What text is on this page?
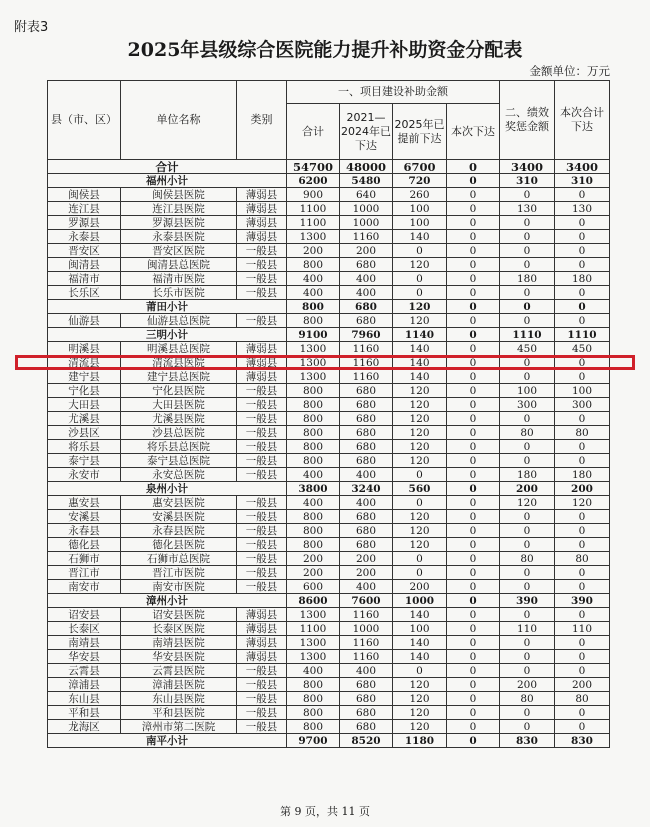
附表3
2025年县级综合医院能力提升补助资金分配表
金额单位：万元
县（市、区）	单位名称	类别	一、项目建设补助金额				二、绩效奖惩金额	本次合计下达
			合计	2021—2024年已下达	2025年已提前下达	本次下达		
合计			54700	48000	6700	0	3400	3400
福州小计			6200	5480	720	0	310	310
闽侯县	闽侯县医院	薄弱县	900	640	260	0	0	0
连江县	连江县医院	薄弱县	1100	1000	100	0	130	130
罗源县	罗源县医院	薄弱县	1100	1000	100	0	0	0
永泰县	永泰县医院	薄弱县	1300	1160	140	0	0	0
晋安区	晋安区医院	一般县	200	200	0	0	0	0
闽清县	闽清县总医院	一般县	800	680	120	0	0	0
福清市	福清市医院	一般县	400	400	0	0	180	180
长乐区	长乐市医院	一般县	400	400	0	0	0	0
莆田小计			800	680	120	0	0	0
仙游县	仙游县总医院	一般县	800	680	120	0	0	0
三明小计			9100	7960	1140	0	1110	1110
明溪县	明溪县总医院	薄弱县	1300	1160	140	0	450	450
清流县	清流县医院	薄弱县	1300	1160	140	0	0	0
建宁县	建宁县总医院	薄弱县	1300	1160	140	0	0	0
宁化县	宁化县医院	一般县	800	680	120	0	100	100
大田县	大田县医院	一般县	800	680	120	0	300	300
尤溪县	尤溪县医院	一般县	800	680	120	0	0	0
沙县区	沙县总医院	一般县	800	680	120	0	80	80
将乐县	将乐县总医院	一般县	800	680	120	0	0	0
泰宁县	泰宁县总医院	一般县	800	680	120	0	0	0
永安市	永安总医院	一般县	400	400	0	0	180	180
泉州小计			3800	3240	560	0	200	200
惠安县	惠安县医院	一般县	400	400	0	0	120	120
安溪县	安溪县医院	一般县	800	680	120	0	0	0
永春县	永春县医院	一般县	800	680	120	0	0	0
德化县	德化县医院	一般县	800	680	120	0	0	0
石狮市	石狮市总医院	一般县	200	200	0	0	80	80
晋江市	晋江市医院	一般县	200	200	0	0	0	0
南安市	南安市医院	一般县	600	400	200	0	0	0
漳州小计			8600	7600	1000	0	390	390
诏安县	诏安县医院	薄弱县	1300	1160	140	0	0	0
长泰区	长泰区医院	薄弱县	1100	1000	100	0	110	110
南靖县	南靖县医院	薄弱县	1300	1160	140	0	0	0
华安县	华安县医院	薄弱县	1300	1160	140	0	0	0
云霄县	云霄县医院	一般县	400	400	0	0	0	0
漳浦县	漳浦县医院	一般县	800	680	120	0	200	200
东山县	东山县医院	一般县	800	680	120	0	80	80
平和县	平和县医院	一般县	800	680	120	0	0	0
龙海区	漳州市第二医院	一般县	800	680	120	0	0	0
南平小计			9700	8520	1180	0	830	830
第 9 页，共 11 页
